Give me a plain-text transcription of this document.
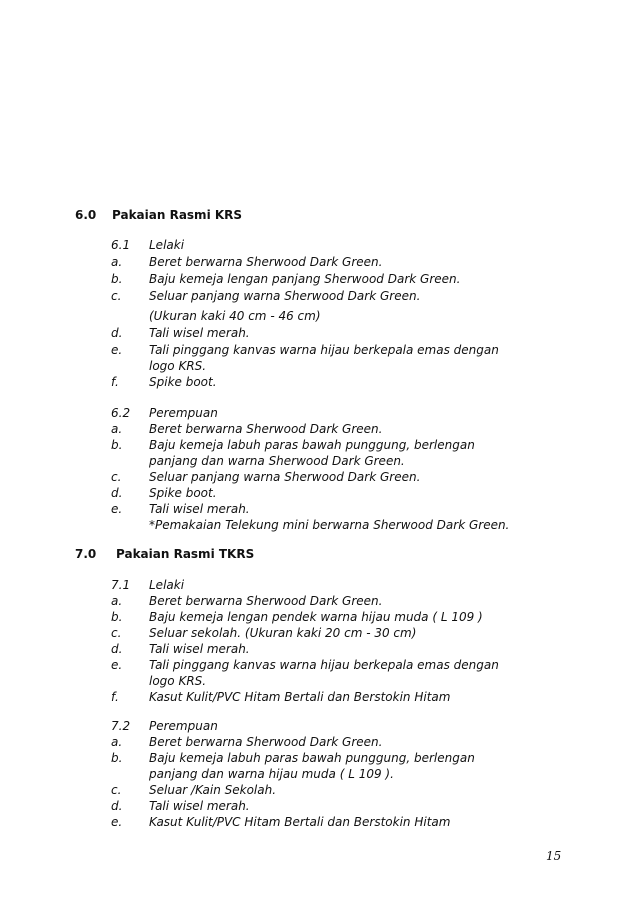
6.0 Pakaian Rasmi KRS
6.1 Lelaki
a. Beret berwarna Sherwood Dark Green.
b. Baju kemeja lengan panjang Sherwood Dark Green.
c. Seluar panjang warna Sherwood Dark Green.
(Ukuran kaki 40 cm - 46 cm)
d. Tali wisel merah.
e. Tali pinggang kanvas warna hijau berkepala emas dengan
logo KRS.
f.	Spike boot.
6.2 Perempuan
a. Beret berwarna Sherwood Dark Green.
b. Baju kemeja labuh paras bawah punggung, berlengan
panjang dan warna Sherwood Dark Green.
c. Seluar panjang warna Sherwood Dark Green.
d. Spike boot.
e. Tali wisel merah.
*Pemakaian Telekung mini berwarna Sherwood Dark Green.
7.0 Pakaian Rasmi TKRS
7.1 Lelaki
a. Beret berwarna Sherwood Dark Green.
b. Baju kemeja lengan pendek warna hijau muda ( L 109 )
c. Seluar sekolah. (Ukuran kaki 20 cm - 30 cm)
d. Tali wisel merah.
e. Tali pinggang kanvas warna hijau berkepala emas dengan
logo KRS.
f.	Kasut Kulit/PVC Hitam Bertali dan Berstokin Hitam
7.2 Perempuan
a. Beret berwarna Sherwood Dark Green.
b. Baju kemeja labuh paras bawah punggung, berlengan
panjang dan warna hijau muda ( L 109 ).
c. Seluar /Kain Sekolah.
d. Tali wisel merah.
e. Kasut Kulit/PVC Hitam Bertali dan Berstokin Hitam
15
